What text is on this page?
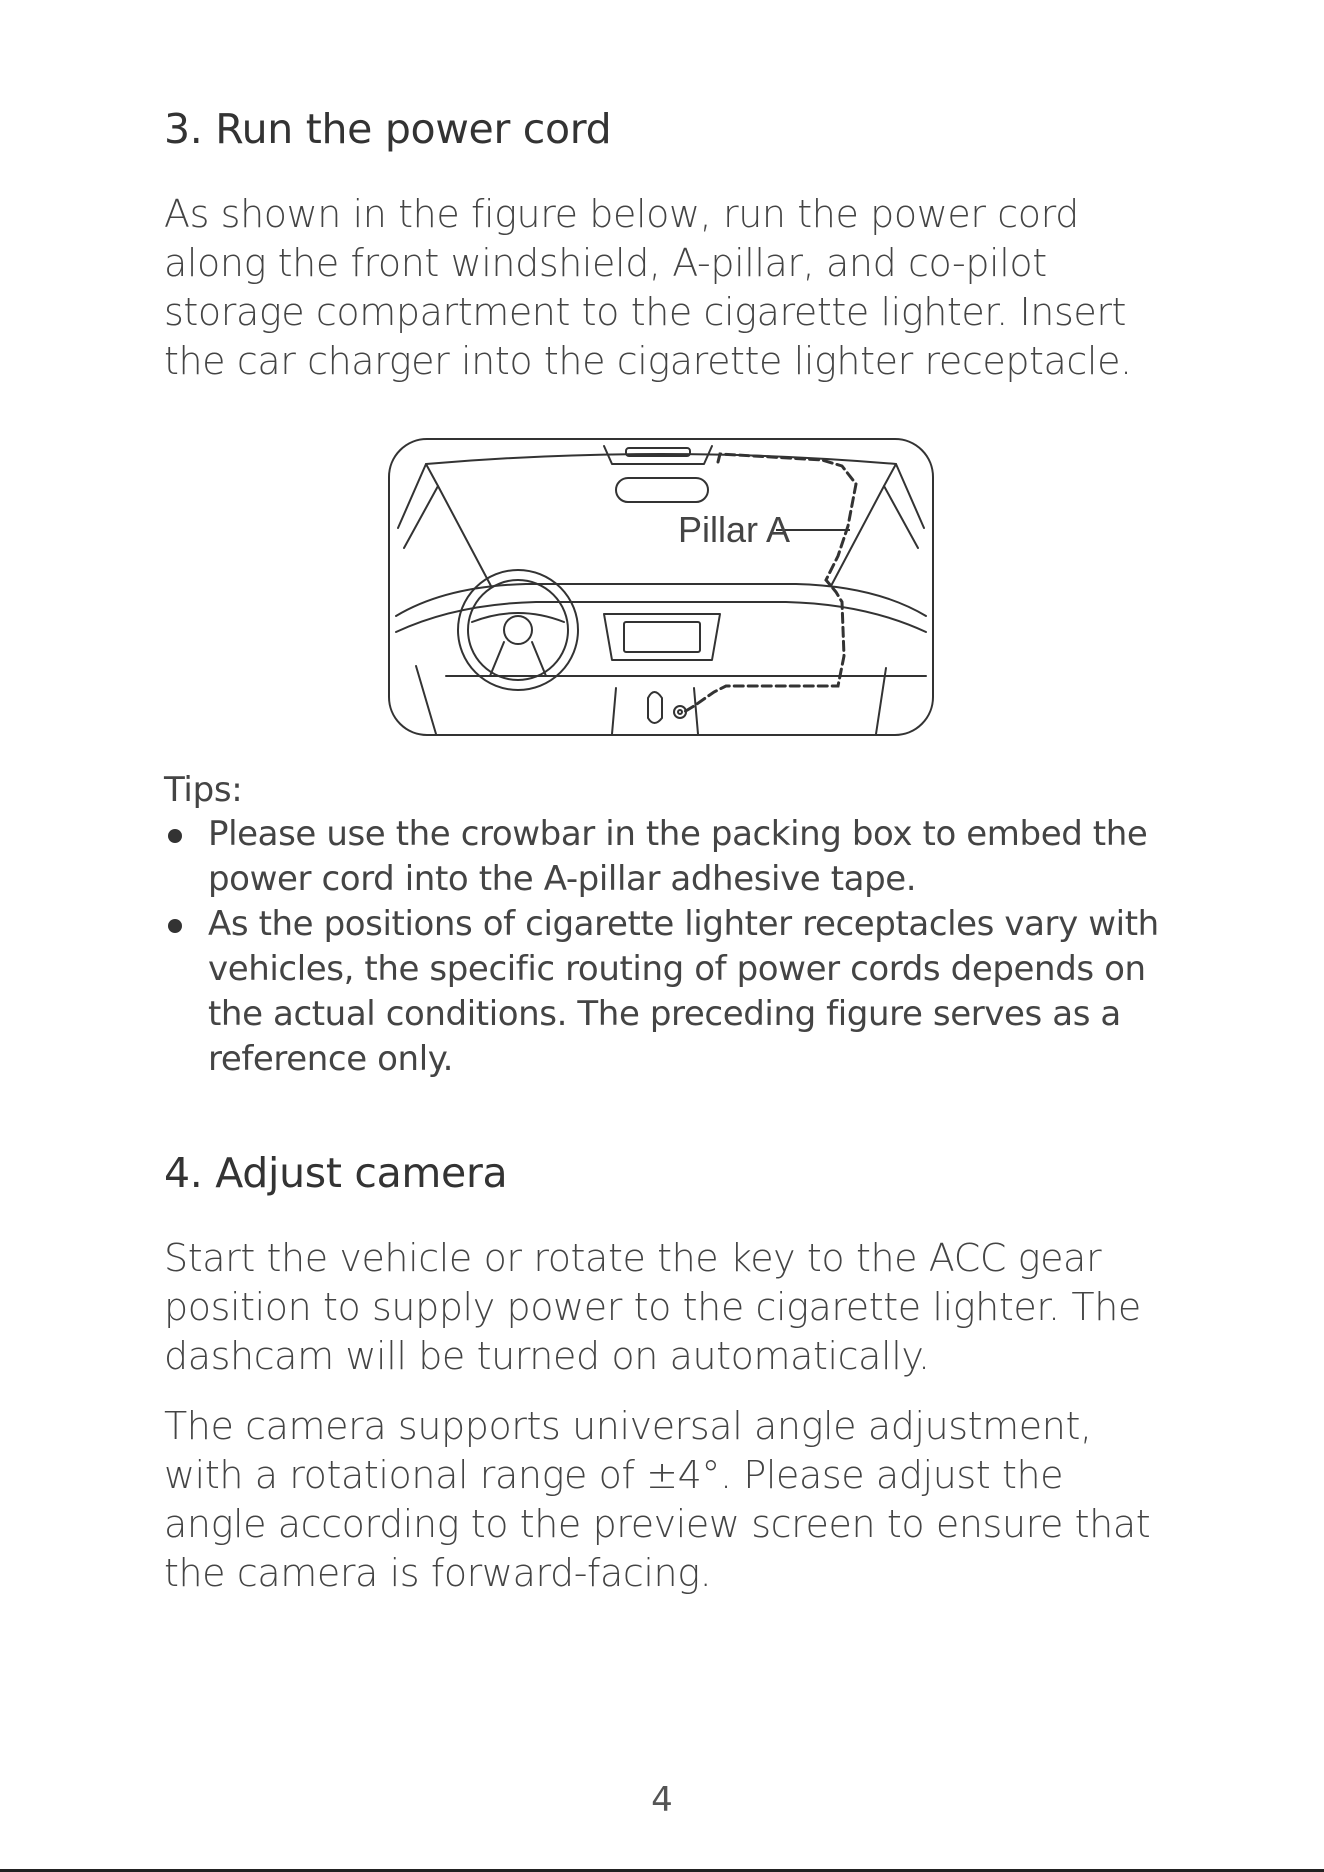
3. Run the power cord

As shown in the figure below, run the power cord along the front windshield, A-pillar, and co-pilot storage compartment to the cigarette lighter. Insert the car charger into the cigarette lighter receptacle.

Pillar A

Tips:

Please use the crowbar in the packing box to embed the power cord into the A-pillar adhesive tape.
As the positions of cigarette lighter receptacles vary with vehicles, the specific routing of power cords depends on the actual conditions. The preceding figure serves as a reference only.
4. Adjust camera

Start the vehicle or rotate the key to the ACC gear position to supply power to the cigarette lighter. The dashcam will be turned on automatically.

The camera supports universal angle adjustment, with a rotational range of ±4°. Please adjust the angle according to the preview screen to ensure that the camera is forward-facing.

4
